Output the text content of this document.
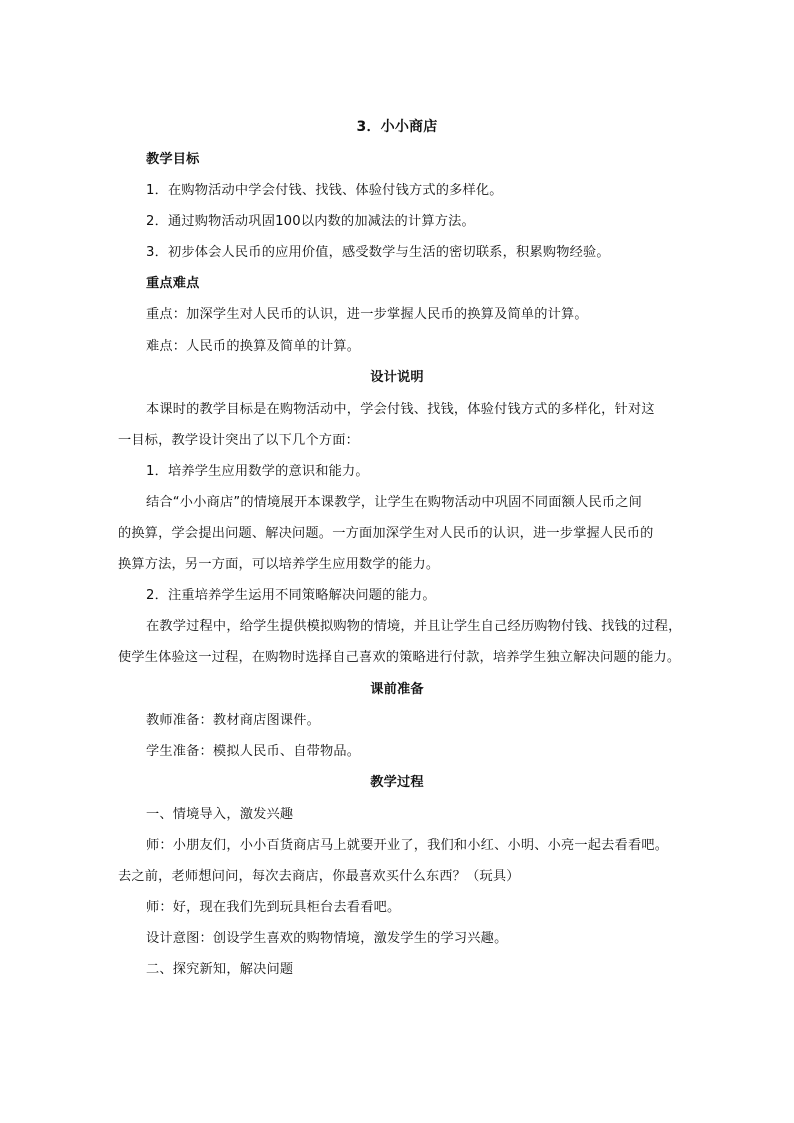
3．小小商店
教学目标
1．在购物活动中学会付钱、找钱、体验付钱方式的多样化。
2．通过购物活动巩固100以内数的加减法的计算方法。
3．初步体会人民币的应用价值，感受数学与生活的密切联系，积累购物经验。
重点难点
重点：加深学生对人民币的认识，进一步掌握人民币的换算及简单的计算。
难点：人民币的换算及简单的计算。
设计说明
本课时的教学目标是在购物活动中，学会付钱、找钱，体验付钱方式的多样化，针对这
一目标，教学设计突出了以下几个方面：
1．培养学生应用数学的意识和能力。
结合“小小商店”的情境展开本课教学，让学生在购物活动中巩固不同面额人民币之间
的换算，学会提出问题、解决问题。一方面加深学生对人民币的认识，进一步掌握人民币的
换算方法，另一方面，可以培养学生应用数学的能力。
2．注重培养学生运用不同策略解决问题的能力。
在教学过程中，给学生提供模拟购物的情境，并且让学生自己经历购物付钱、找钱的过程，
使学生体验这一过程，在购物时选择自己喜欢的策略进行付款，培养学生独立解决问题的能力。
课前准备
教师准备：教材商店图课件。
学生准备：模拟人民币、自带物品。
教学过程
一、情境导入，激发兴趣
师：小朋友们，小小百货商店马上就要开业了，我们和小红、小明、小亮一起去看看吧。
去之前，老师想问问，每次去商店，你最喜欢买什么东西？（玩具）
师：好，现在我们先到玩具柜台去看看吧。
设计意图：创设学生喜欢的购物情境，激发学生的学习兴趣。
二、探究新知，解决问题
